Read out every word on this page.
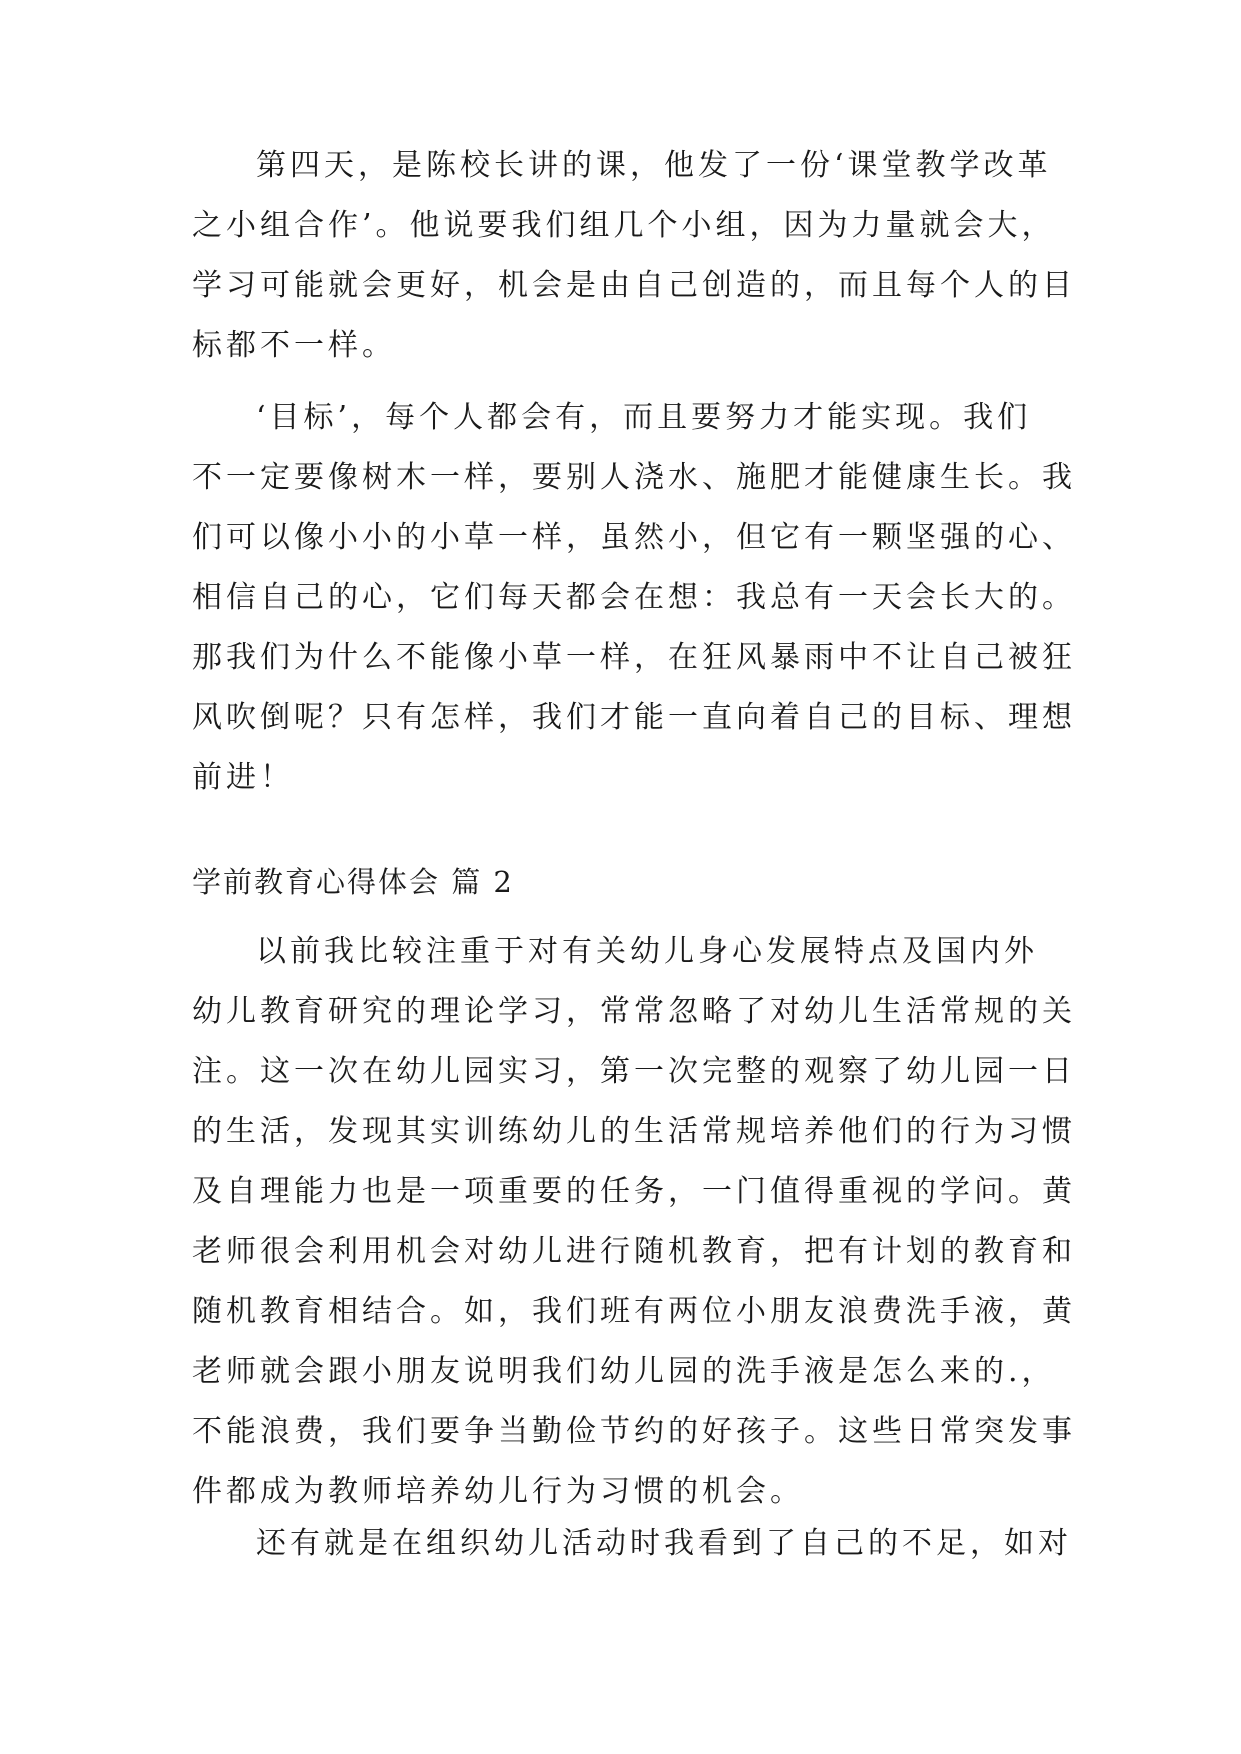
第四天，是陈校长讲的课，他发了一份‘课堂教学改革
之小组合作’。他说要我们组几个小组，因为力量就会大，
学习可能就会更好，机会是由自己创造的，而且每个人的目
标都不一样。
‘目标’，每个人都会有，而且要努力才能实现。我们
不一定要像树木一样，要别人浇水、施肥才能健康生长。我
们可以像小小的小草一样，虽然小，但它有一颗坚强的心、
相信自己的心，它们每天都会在想：我总有一天会长大的。
那我们为什么不能像小草一样，在狂风暴雨中不让自己被狂
风吹倒呢？只有怎样，我们才能一直向着自己的目标、理想
前进！
学前教育心得体会 篇 2
以前我比较注重于对有关幼儿身心发展特点及国内外
幼儿教育研究的理论学习，常常忽略了对幼儿生活常规的关
注。这一次在幼儿园实习，第一次完整的观察了幼儿园一日
的生活，发现其实训练幼儿的生活常规培养他们的行为习惯
及自理能力也是一项重要的任务，一门值得重视的学问。黄
老师很会利用机会对幼儿进行随机教育，把有计划的教育和
随机教育相结合。如，我们班有两位小朋友浪费洗手液，黄
老师就会跟小朋友说明我们幼儿园的洗手液是怎么来的.，
不能浪费，我们要争当勤俭节约的好孩子。这些日常突发事
件都成为教师培养幼儿行为习惯的机会。
还有就是在组织幼儿活动时我看到了自己的不足，如对
